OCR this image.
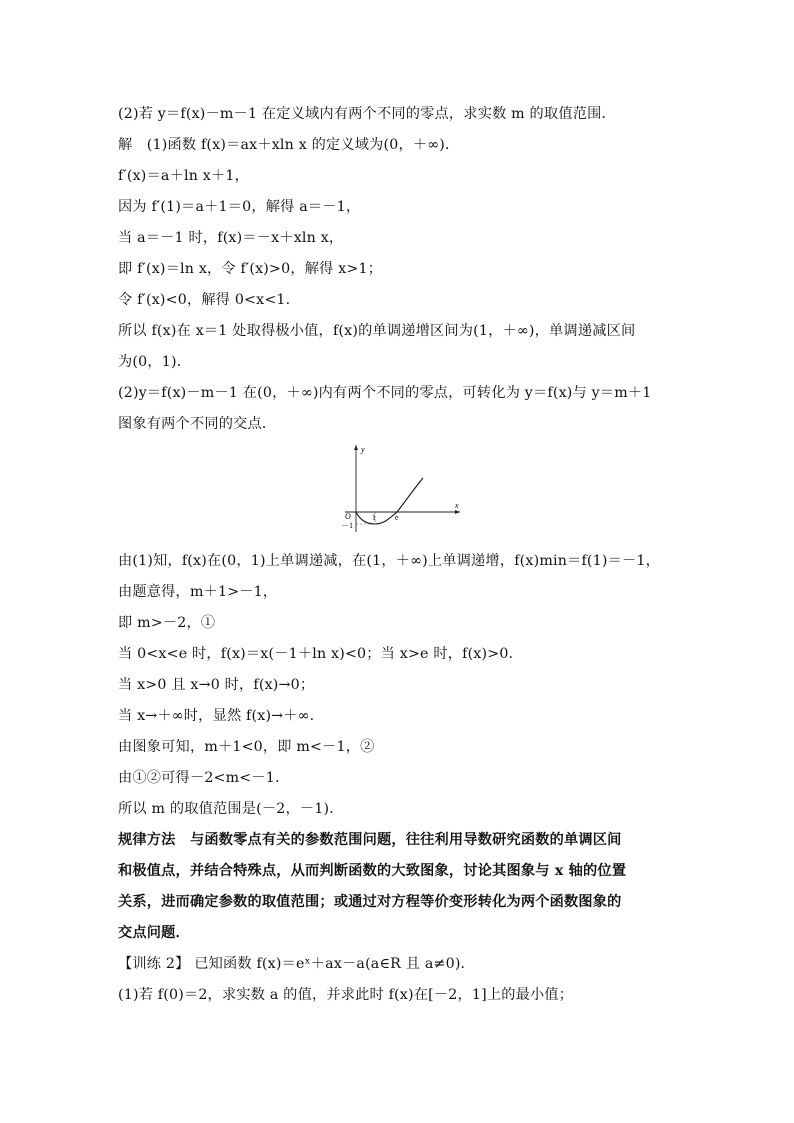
(2)若 y＝f(x)－m－1 在定义域内有两个不同的零点，求实数 m 的取值范围．
解　(1)函数 f(x)＝ax＋xln x 的定义域为(0，＋∞)．
f′(x)＝a＋ln x＋1，
因为 f′(1)＝a＋1＝0，解得 a＝－1，
当 a＝－1 时，f(x)＝－x＋xln x，
即 f′(x)＝ln x，令 f′(x)>0，解得 x>1；
令 f′(x)<0，解得 0<x<1.
所以 f(x)在 x＝1 处取得极小值，f(x)的单调递增区间为(1，＋∞)，单调递减区间
为(0，1)．
(2)y＝f(x)－m－1 在(0，＋∞)内有两个不同的零点，可转化为 y＝f(x)与 y＝m＋1
图象有两个不同的交点．
y
x
O	1 e
－1
由(1)知，f(x)在(0，1)上单调递减，在(1，＋∞)上单调递增，f(x)min＝f(1)＝－1，
由题意得，m＋1>－1，
即 m>－2，①
当 0<x<e 时，f(x)＝x(－1＋ln x)<0；当 x>e 时，f(x)>0.
当 x>0 且 x→0 时，f(x)→0；
当 x→＋∞时，显然 f(x)→＋∞.
由图象可知，m＋1<0，即 m<－1，②
由①②可得－2<m<－1.
所以 m 的取值范围是(－2，－1)．
规律方法　与函数零点有关的参数范围问题，往往利用导数研究函数的单调区间
和极值点，并结合特殊点，从而判断函数的大致图象，讨论其图象与 x 轴的位置
关系，进而确定参数的取值范围；或通过对方程等价变形转化为两个函数图象的
交点问题．
【训练 2】 已知函数 f(x)＝eˣ＋ax－a(a∈R 且 a≠0)．
(1)若 f(0)＝2，求实数 a 的值，并求此时 f(x)在[－2，1]上的最小值；
